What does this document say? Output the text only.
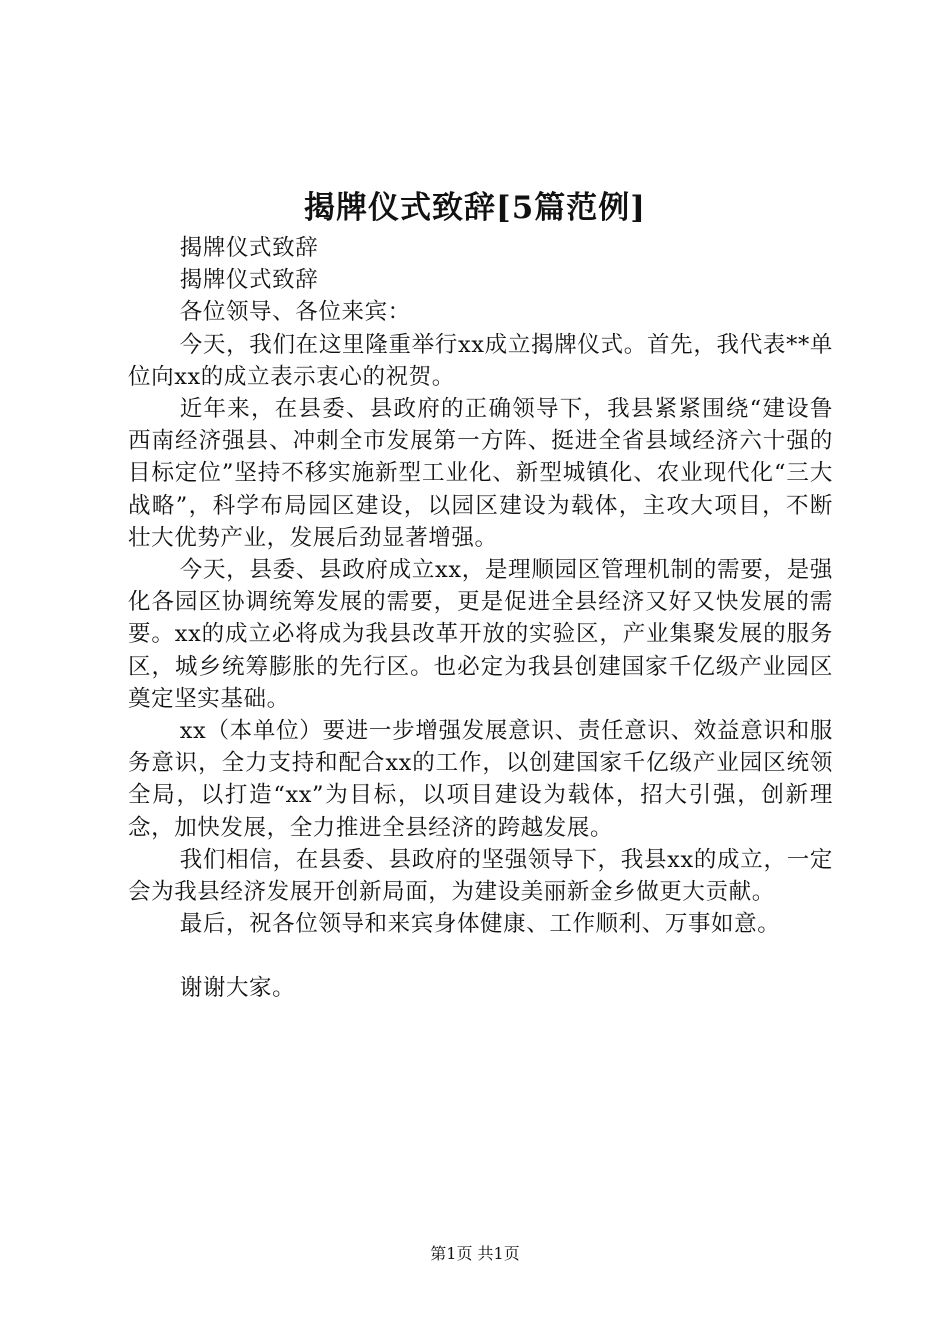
揭牌仪式致辞[5篇范例]

揭牌仪式致辞

揭牌仪式致辞

各位领导、各位来宾：

今天，我们在这里隆重举行xx成立揭牌仪式。首先，我代表**单位向xx的成立表示衷心的祝贺。

近年来，在县委、县政府的正确领导下，我县紧紧围绕“建设鲁西南经济强县、冲刺全市发展第一方阵、挺进全省县域经济六十强的目标定位”坚持不移实施新型工业化、新型城镇化、农业现代化“三大战略”，科学布局园区建设，以园区建设为载体，主攻大项目，不断壮大优势产业，发展后劲显著增强。

今天，县委、县政府成立xx，是理顺园区管理机制的需要，是强化各园区协调统筹发展的需要，更是促进全县经济又好又快发展的需要。xx的成立必将成为我县改革开放的实验区，产业集聚发展的服务区，城乡统筹膨胀的先行区。也必定为我县创建国家千亿级产业园区奠定坚实基础。

xx（本单位）要进一步增强发展意识、责任意识、效益意识和服务意识，全力支持和配合xx的工作，以创建国家千亿级产业园区统领全局，以打造“xx”为目标，以项目建设为载体，招大引强，创新理念，加快发展，全力推进全县经济的跨越发展。

我们相信，在县委、县政府的坚强领导下，我县xx的成立，一定会为我县经济发展开创新局面，为建设美丽新金乡做更大贡献。

最后，祝各位领导和来宾身体健康、工作顺利、万事如意。

谢谢大家。

第1页 共1页
